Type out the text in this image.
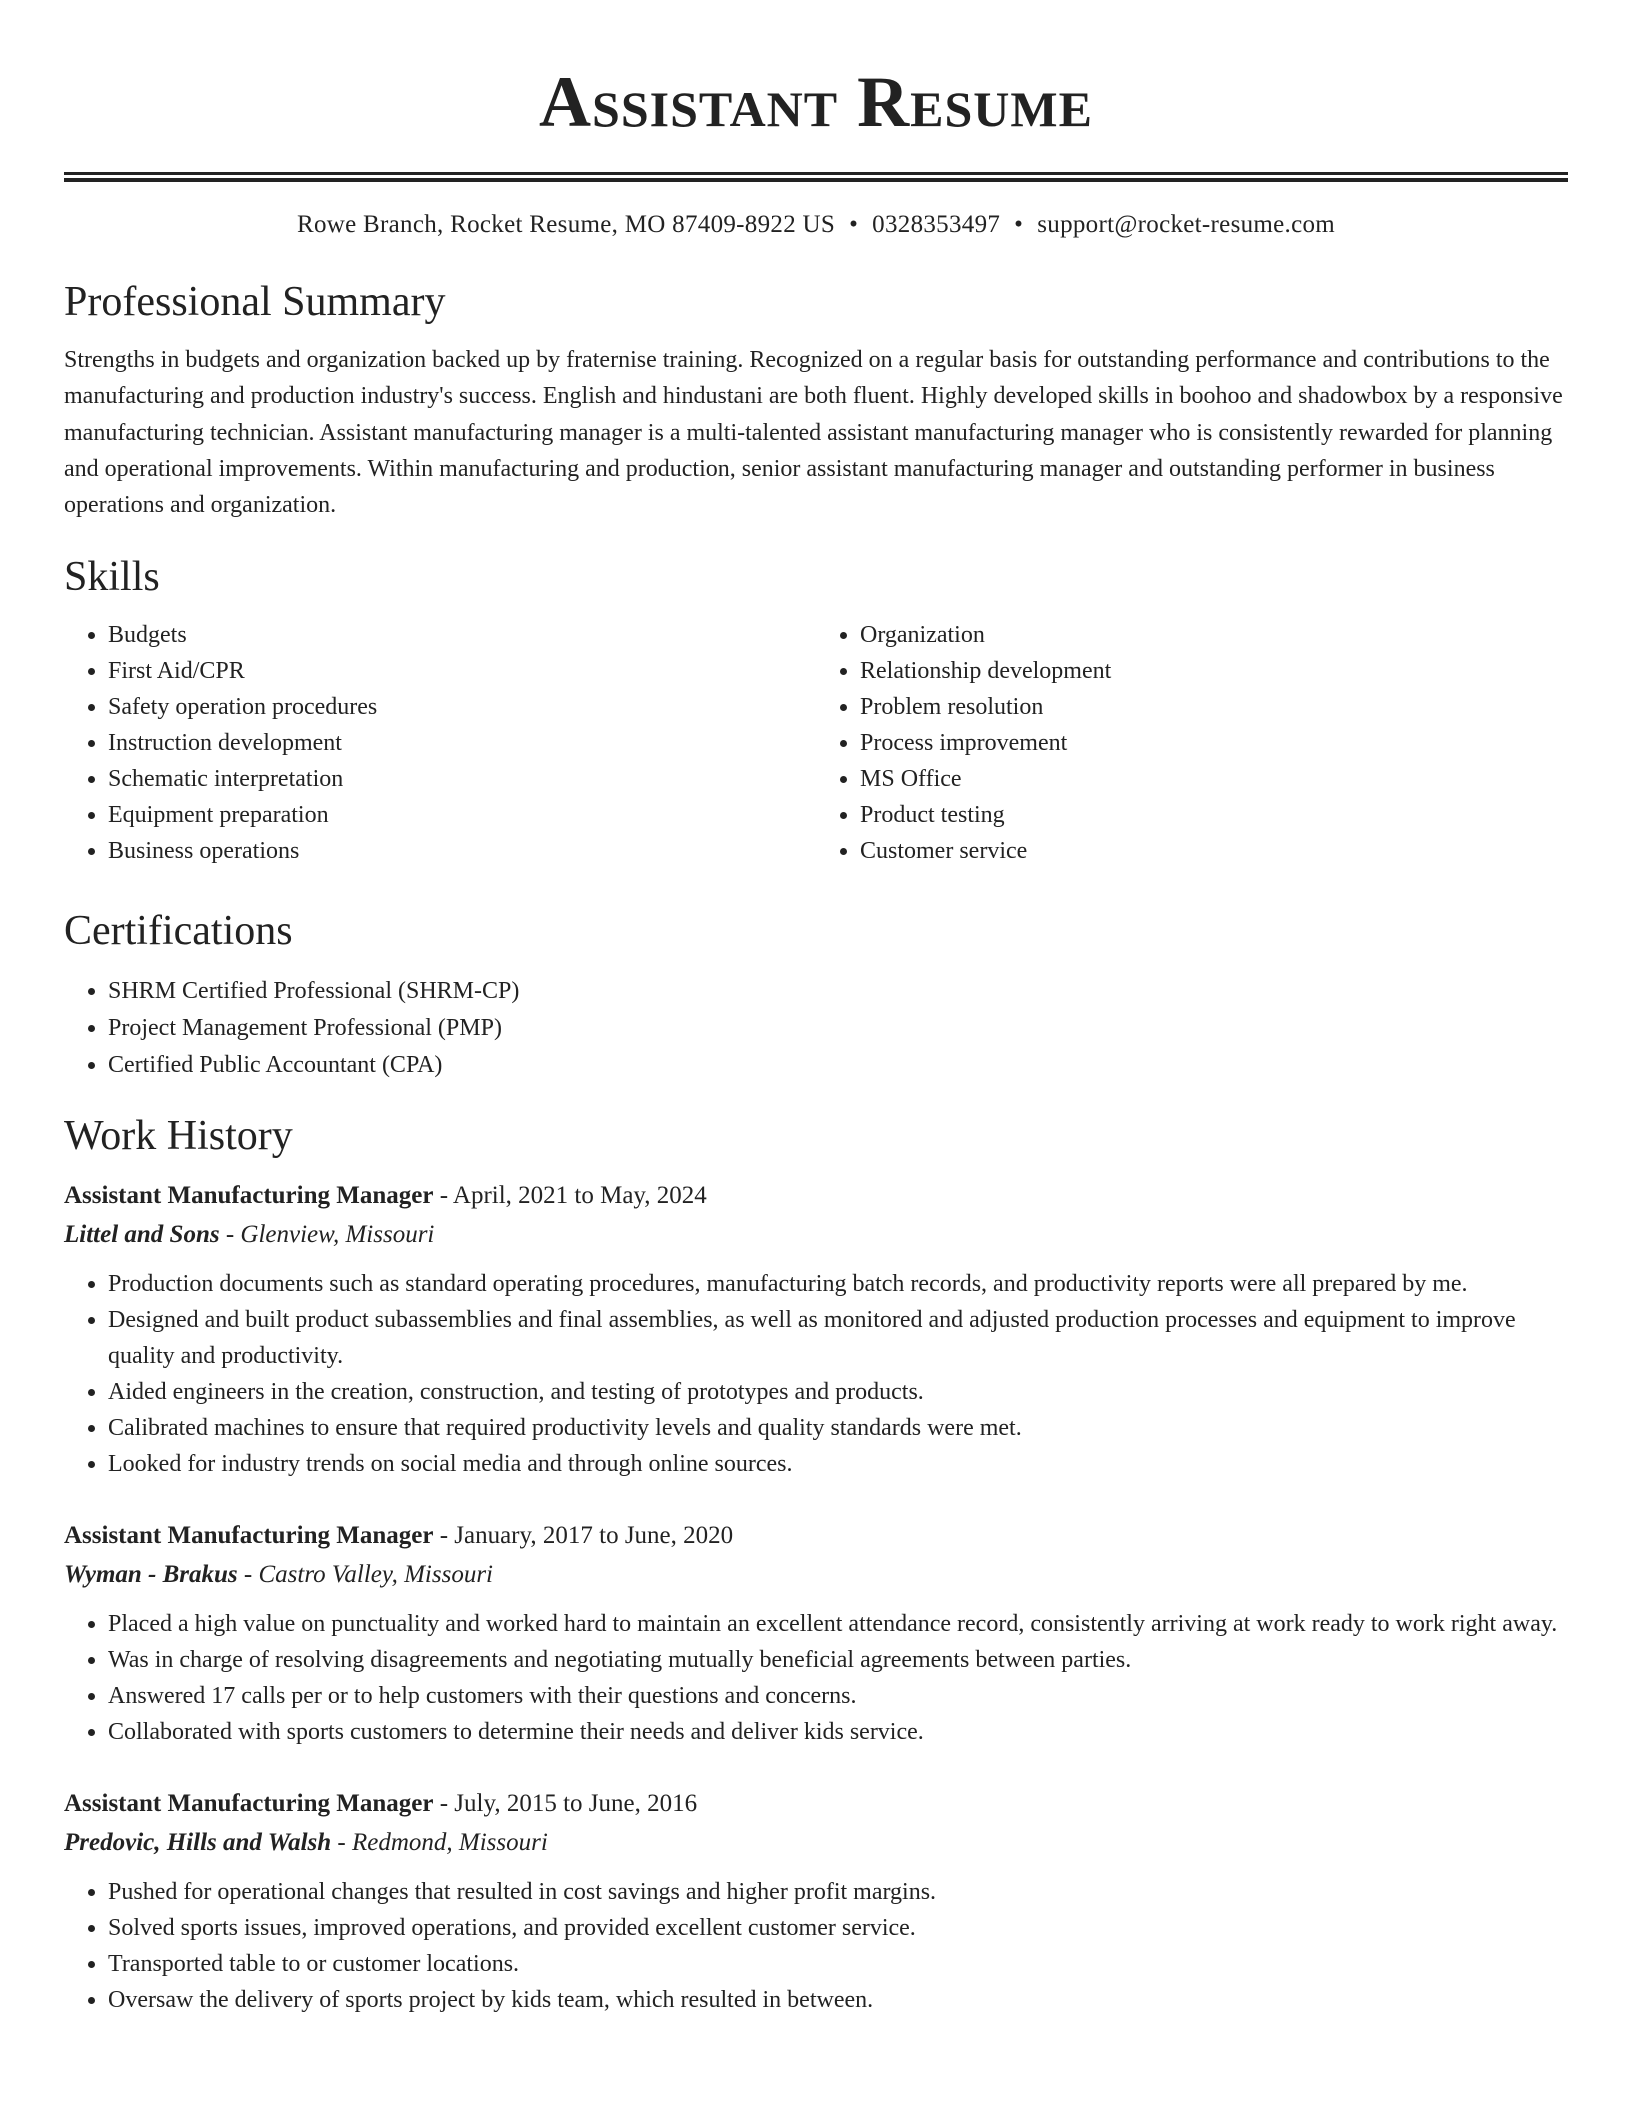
Assistant Resume
Rowe Branch, Rocket Resume, MO 87409-8922 US • 0328353497 • support@rocket-resume.com
Professional Summary

Strengths in budgets and organization backed up by fraternise training. Recognized on a regular basis for outstanding performance and contributions to the manufacturing and production industry's success. English and hindustani are both fluent. Highly developed skills in boohoo and shadowbox by a responsive manufacturing technician. Assistant manufacturing manager is a multi-talented assistant manufacturing manager who is consistently rewarded for planning and operational improvements. Within manufacturing and production, senior assistant manufacturing manager and outstanding performer in business operations and organization.

Skills
• Budgets
• First Aid/CPR
• Safety operation procedures
• Instruction development
• Schematic interpretation
• Equipment preparation
• Business operations
• Organization
• Relationship development
• Problem resolution
• Process improvement
• MS Office
• Product testing
• Customer service
Certifications
• SHRM Certified Professional (SHRM-CP)
• Project Management Professional (PMP)
• Certified Public Accountant (CPA)
Work History
Assistant Manufacturing Manager - April, 2021 to May, 2024
Littel and Sons - Glenview, Missouri
• Production documents such as standard operating procedures, manufacturing batch records, and productivity reports were all prepared by me.
• Designed and built product subassemblies and final assemblies, as well as monitored and adjusted production processes and equipment to improve quality and productivity.
• Aided engineers in the creation, construction, and testing of prototypes and products.
• Calibrated machines to ensure that required productivity levels and quality standards were met.
• Looked for industry trends on social media and through online sources.
Assistant Manufacturing Manager - January, 2017 to June, 2020
Wyman - Brakus - Castro Valley, Missouri
• Placed a high value on punctuality and worked hard to maintain an excellent attendance record, consistently arriving at work ready to work right away.
• Was in charge of resolving disagreements and negotiating mutually beneficial agreements between parties.
• Answered 17 calls per or to help customers with their questions and concerns.
• Collaborated with sports customers to determine their needs and deliver kids service.
Assistant Manufacturing Manager - July, 2015 to June, 2016
Predovic, Hills and Walsh - Redmond, Missouri
• Pushed for operational changes that resulted in cost savings and higher profit margins.
• Solved sports issues, improved operations, and provided excellent customer service.
• Transported table to or customer locations.
• Oversaw the delivery of sports project by kids team, which resulted in between.
